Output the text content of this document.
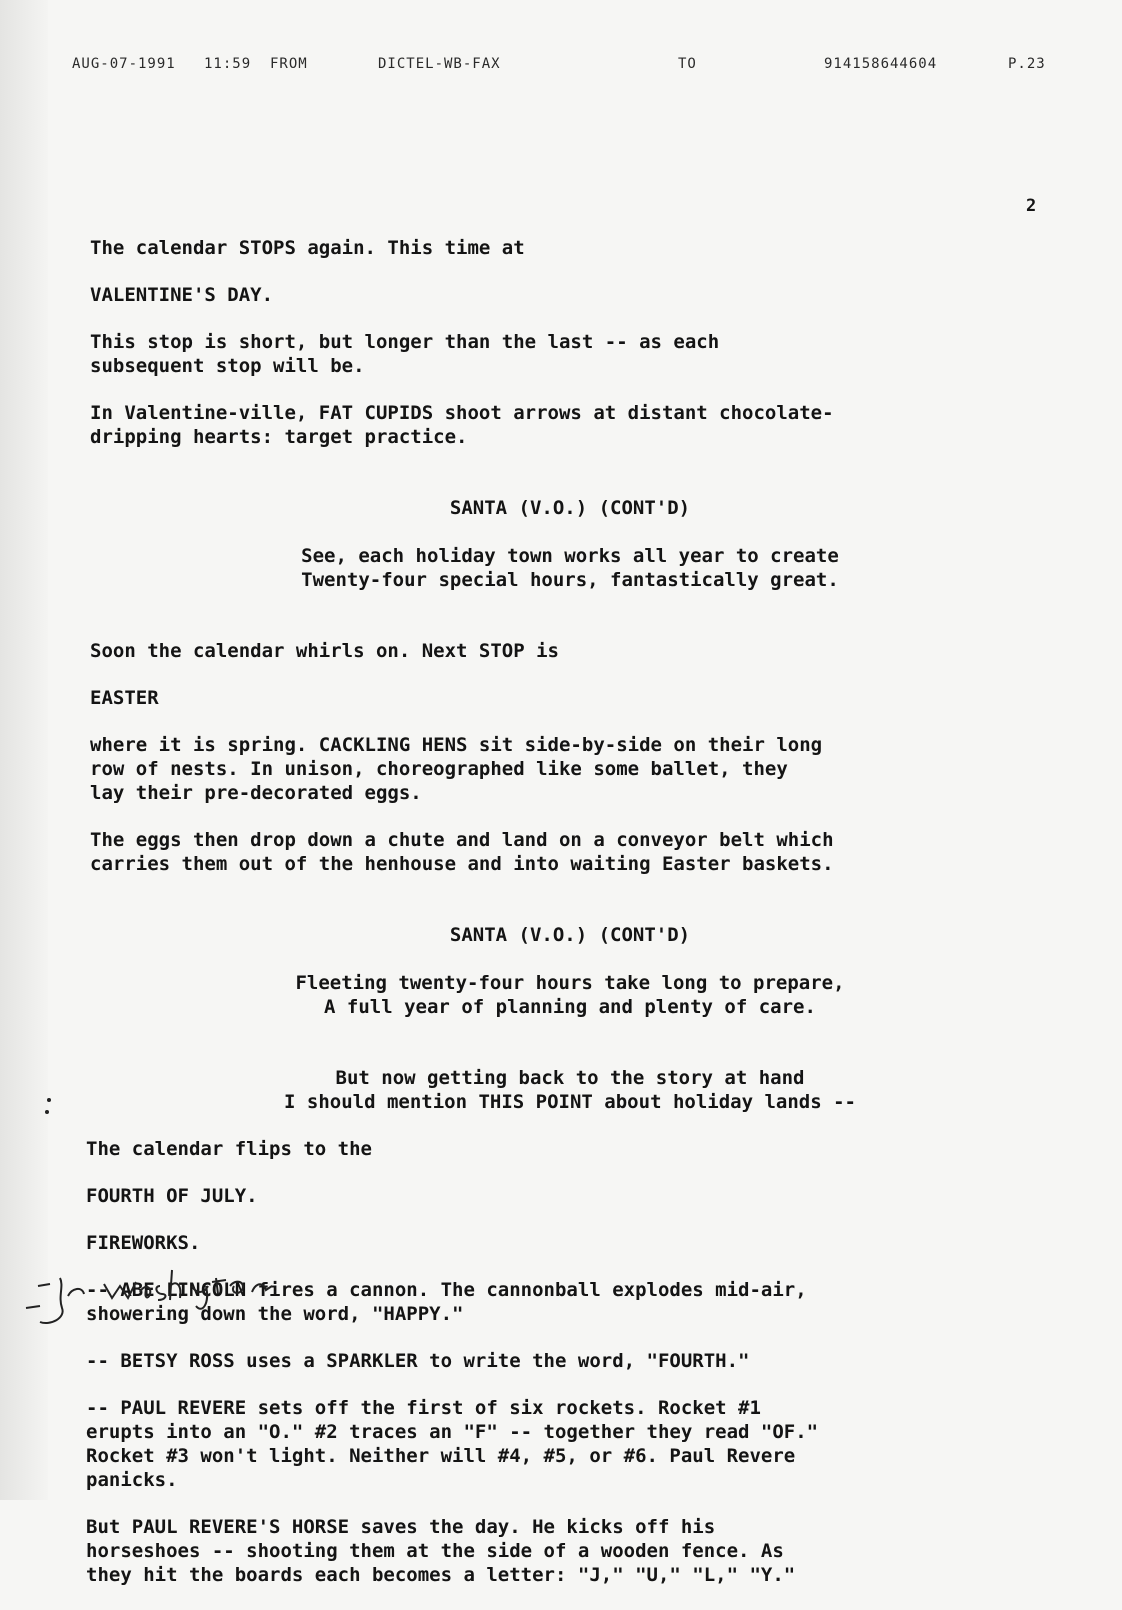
AUG-07-1991 11:59 FROM	DICTEL-WB-FAX	TO	914158644604	P.23
2
The calendar STOPS again. This time at
VALENTINE'S DAY.
This stop is short, but longer than the last -- as each
subsequent stop will be.
In Valentine-ville, FAT CUPIDS shoot arrows at distant chocolate-
dripping hearts: target practice.

SANTA (V.O.) (CONT'D)

See, each holiday town works all year to create
Twenty-four special hours, fantastically great.

Soon the calendar whirls on. Next STOP is
EASTER
where it is spring. CACKLING HENS sit side-by-side on their long
row of nests. In unison, choreographed like some ballet, they
lay their pre-decorated eggs.
The eggs then drop down a chute and land on a conveyor belt which
carries them out of the henhouse and into waiting Easter baskets.

SANTA (V.O.) (CONT'D)

Fleeting twenty-four hours take long to prepare,
A full year of planning and plenty of care.

But now getting back to the story at hand
I should mention THIS POINT about holiday lands --
The calendar flips to the
FOURTH OF JULY.
FIREWORKS.
-- ABE LINCOLN fires a cannon. The cannonball explodes mid-air,
showering down the word, "HAPPY."
-- BETSY ROSS uses a SPARKLER to write the word, "FOURTH."
-- PAUL REVERE sets off the first of six rockets. Rocket #1
erupts into an "O." #2 traces an "F" -- together they read "OF."
Rocket #3 won't light. Neither will #4, #5, or #6. Paul Revere
panicks.
But PAUL REVERE'S HORSE saves the day. He kicks off his
horseshoes -- shooting them at the side of a wooden fence. As
they hit the boards each becomes a letter: "J," "U," "L," "Y."
